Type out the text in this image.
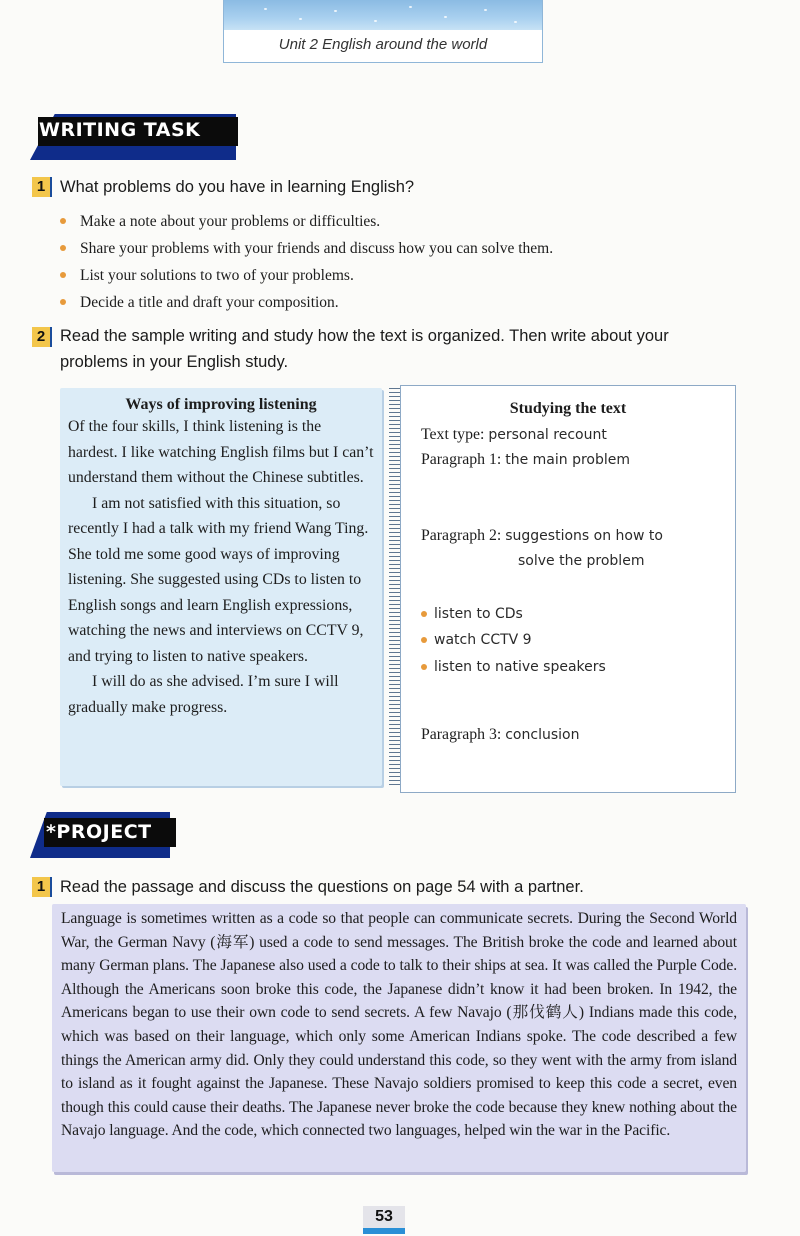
Unit 2 English around the world
WRITING TASK
1 What problems do you have in learning English?
Make a note about your problems or difficulties.
Share your problems with your friends and discuss how you can solve them.
List your solutions to two of your problems.
Decide a title and draft your composition.
2 Read the sample writing and study how the text is organized. Then write about your
problems in your English study.
Ways of improving listening
Of the four skills, I think listening is the hardest. I like watching English films but I can’t understand them without the Chinese subtitles.
I am not satisfied with this situation, so recently I had a talk with my friend Wang Ting. She told me some good ways of improving listening. She suggested using CDs to listen to English songs and learn English expressions, watching the news and interviews on CCTV 9, and trying to listen to native speakers.
I will do as she advised. I’m sure I will gradually make progress.
Studying the text
Text type: personal recount
Paragraph 1: the main problem
Paragraph 2: suggestions on how to
solve the problem
listen to CDs
watch CCTV 9
listen to native speakers
Paragraph 3: conclusion
*PROJECT
1 Read the passage and discuss the questions on page 54 with a partner.
Language is sometimes written as a code so that people can communicate secrets. During the Second World War, the German Navy (海军) used a code to send messages. The British broke the code and learned about many German plans. The Japanese also used a code to talk to their ships at sea. It was called the Purple Code. Although the Americans soon broke this code, the Japanese didn’t know it had been broken. In 1942, the Americans began to use their own code to send secrets. A few Navajo (那伐鹤人) Indians made this code, which was based on their language, which only some American Indians spoke. The code described a few things the American army did. Only they could understand this code, so they went with the army from island to island as it fought against the Japanese. These Navajo soldiers promised to keep this code a secret, even though this could cause their deaths. The Japanese never broke the code because they knew nothing about the Navajo language. And the code, which connected two languages, helped win the war in the Pacific.
53
